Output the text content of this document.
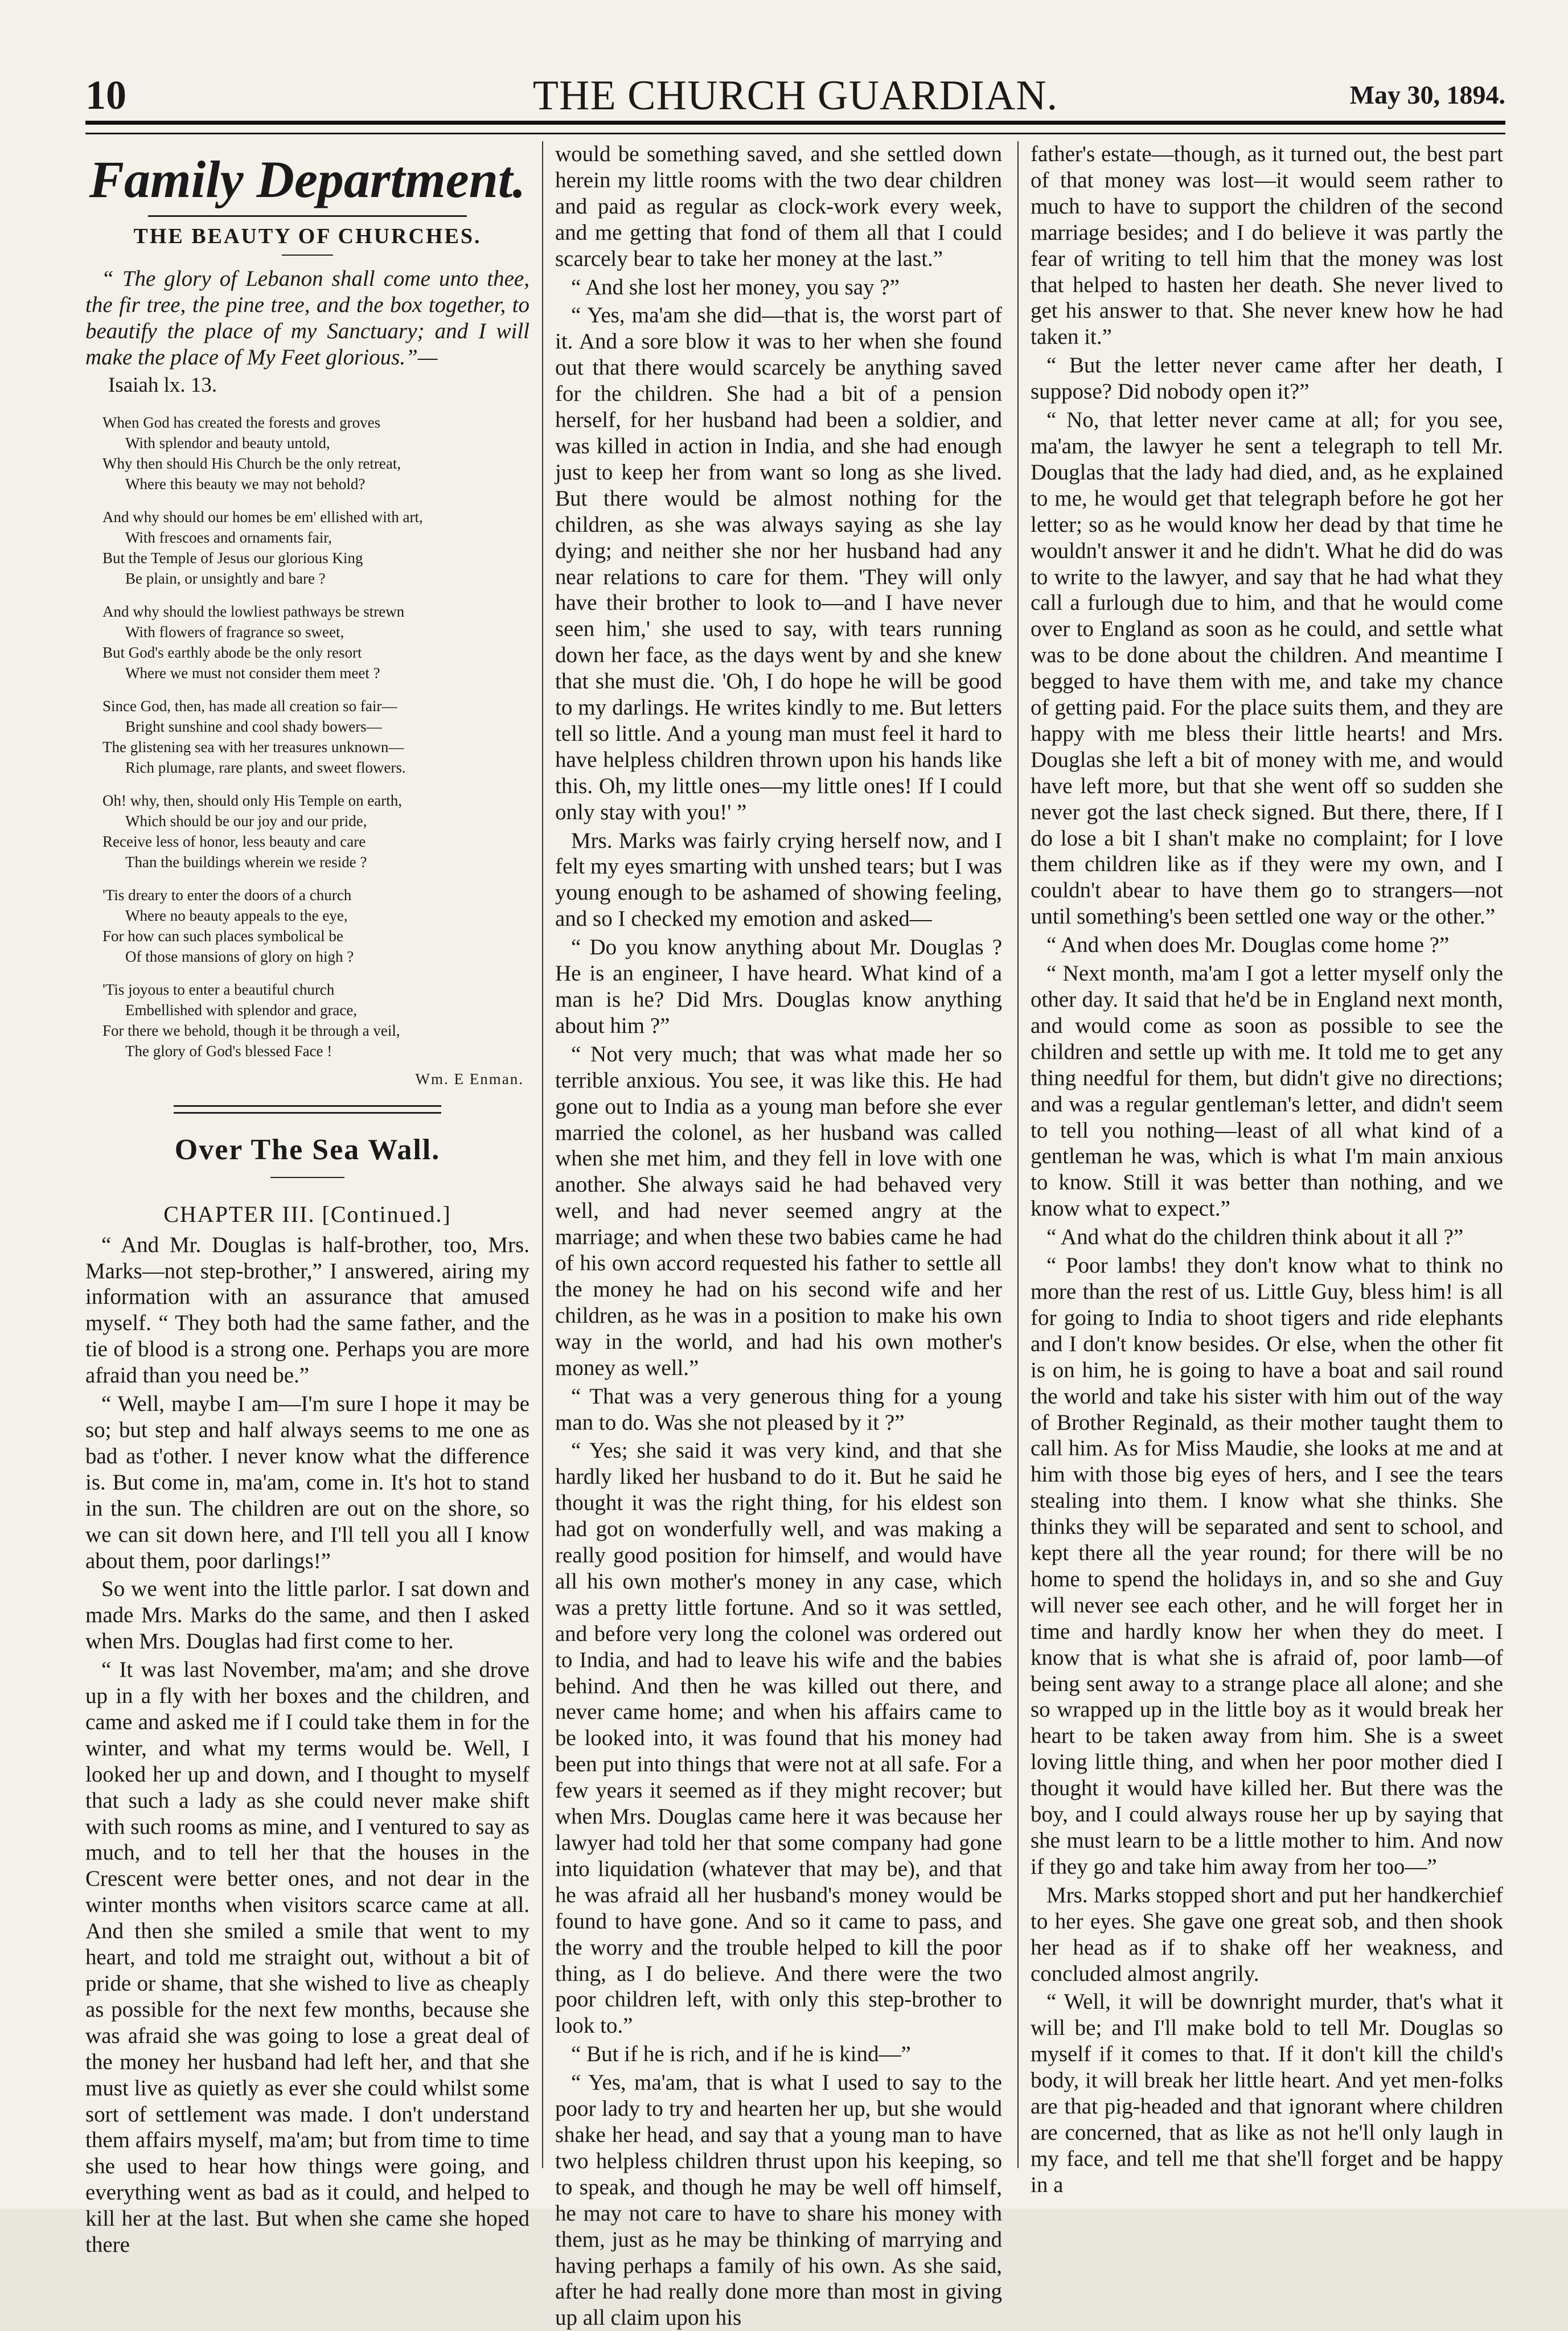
10	THE CHURCH GUARDIAN.	May 30, 1894.
Family Department.
THE BEAUTY OF CHURCHES.

“ The glory of Lebanon shall come unto thee, the fir tree, the pine tree, and the box together, to beautify the place of my Sanctuary; and I will make the place of My Feet glorious.”—

Isaiah lx. 13.
When God has created the forests and groves
With splendor and beauty untold,
Why then should His Church be the only retreat,
Where this beauty we may not behold?
And why should our homes be em' ellished with art,
With frescoes and ornaments fair,
But the Temple of Jesus our glorious King
Be plain, or unsightly and bare ?
And why should the lowliest pathways be strewn
With flowers of fragrance so sweet,
But God's earthly abode be the only resort
Where we must not consider them meet ?
Since God, then, has made all creation so fair—
Bright sunshine and cool shady bowers—
The glistening sea with her treasures unknown—
Rich plumage, rare plants, and sweet flowers.
Oh! why, then, should only His Temple on earth,
Which should be our joy and our pride,
Receive less of honor, less beauty and care
Than the buildings wherein we reside ?
'Tis dreary to enter the doors of a church
Where no beauty appeals to the eye,
For how can such places symbolical be
Of those mansions of glory on high ?
'Tis joyous to enter a beautiful church
Embellished with splendor and grace,
For there we behold, though it be through a veil,
The glory of God's blessed Face !
Wm. E Enman.
Over The Sea Wall.
CHAPTER III. [Continued.]

“ And Mr. Douglas is half-brother, too, Mrs. Marks—not step-brother,” I answered, airing my information with an assurance that amused myself. “ They both had the same father, and the tie of blood is a strong one. Perhaps you are more afraid than you need be.”

“ Well, maybe I am—I'm sure I hope it may be so; but step and half always seems to me one as bad as t'other. I never know what the difference is. But come in, ma'am, come in. It's hot to stand in the sun. The children are out on the shore, so we can sit down here, and I'll tell you all I know about them, poor darlings!”

So we went into the little parlor. I sat down and made Mrs. Marks do the same, and then I asked when Mrs. Douglas had first come to her.

“ It was last November, ma'am; and she drove up in a fly with her boxes and the children, and came and asked me if I could take them in for the winter, and what my terms would be. Well, I looked her up and down, and I thought to myself that such a lady as she could never make shift with such rooms as mine, and I ventured to say as much, and to tell her that the houses in the Crescent were better ones, and not dear in the winter months when visitors scarce came at all. And then she smiled a smile that went to my heart, and told me straight out, without a bit of pride or shame, that she wished to live as cheaply as possible for the next few months, because she was afraid she was going to lose a great deal of the money her husband had left her, and that she must live as quietly as ever she could whilst some sort of settlement was made. I don't understand them affairs myself, ma'am; but from time to time she used to hear how things were going, and everything went as bad as it could, and helped to kill her at the last. But when she came she hoped there

would be something saved, and she settled down herein my little rooms with the two dear children and paid as regular as clock-work every week, and me getting that fond of them all that I could scarcely bear to take her money at the last.”

“ And she lost her money, you say ?”

“ Yes, ma'am she did—that is, the worst part of it. And a sore blow it was to her when she found out that there would scarcely be anything saved for the children. She had a bit of a pension herself, for her husband had been a soldier, and was killed in action in India, and she had enough just to keep her from want so long as she lived. But there would be almost nothing for the children, as she was always saying as she lay dying; and neither she nor her husband had any near relations to care for them. 'They will only have their brother to look to—and I have never seen him,' she used to say, with tears running down her face, as the days went by and she knew that she must die. 'Oh, I do hope he will be good to my darlings. He writes kindly to me. But letters tell so little. And a young man must feel it hard to have helpless children thrown upon his hands like this. Oh, my little ones—my little ones! If I could only stay with you!' ”

Mrs. Marks was fairly crying herself now, and I felt my eyes smarting with unshed tears; but I was young enough to be ashamed of showing feeling, and so I checked my emotion and asked—

“ Do you know anything about Mr. Douglas ? He is an engineer, I have heard. What kind of a man is he? Did Mrs. Douglas know anything about him ?”

“ Not very much; that was what made her so terrible anxious. You see, it was like this. He had gone out to India as a young man before she ever married the colonel, as her husband was called when she met him, and they fell in love with one another. She always said he had behaved very well, and had never seemed angry at the marriage; and when these two babies came he had of his own accord requested his father to settle all the money he had on his second wife and her children, as he was in a position to make his own way in the world, and had his own mother's money as well.”

“ That was a very generous thing for a young man to do. Was she not pleased by it ?”

“ Yes; she said it was very kind, and that she hardly liked her husband to do it. But he said he thought it was the right thing, for his eldest son had got on wonderfully well, and was making a really good position for himself, and would have all his own mother's money in any case, which was a pretty little fortune. And so it was settled, and before very long the colonel was ordered out to India, and had to leave his wife and the babies behind. And then he was killed out there, and never came home; and when his affairs came to be looked into, it was found that his money had been put into things that were not at all safe. For a few years it seemed as if they might recover; but when Mrs. Douglas came here it was because her lawyer had told her that some company had gone into liquidation (whatever that may be), and that he was afraid all her husband's money would be found to have gone. And so it came to pass, and the worry and the trouble helped to kill the poor thing, as I do believe. And there were the two poor children left, with only this step-brother to look to.”

“ But if he is rich, and if he is kind—”

“ Yes, ma'am, that is what I used to say to the poor lady to try and hearten her up, but she would shake her head, and say that a young man to have two helpless children thrust upon his keeping, so to speak, and though he may be well off himself, he may not care to have to share his money with them, just as he may be thinking of marrying and having perhaps a family of his own. As she said, after he had really done more than most in giving up all claim upon his

father's estate—though, as it turned out, the best part of that money was lost—it would seem rather to much to have to support the children of the second marriage besides; and I do believe it was partly the fear of writing to tell him that the money was lost that helped to hasten her death. She never lived to get his answer to that. She never knew how he had taken it.”

“ But the letter never came after her death, I suppose? Did nobody open it?”

“ No, that letter never came at all; for you see, ma'am, the lawyer he sent a telegraph to tell Mr. Douglas that the lady had died, and, as he explained to me, he would get that telegraph before he got her letter; so as he would know her dead by that time he wouldn't answer it and he didn't. What he did do was to write to the lawyer, and say that he had what they call a furlough due to him, and that he would come over to England as soon as he could, and settle what was to be done about the children. And meantime I begged to have them with me, and take my chance of getting paid. For the place suits them, and they are happy with me bless their little hearts! and Mrs. Douglas she left a bit of money with me, and would have left more, but that she went off so sudden she never got the last check signed. But there, there, If I do lose a bit I shan't make no complaint; for I love them children like as if they were my own, and I couldn't abear to have them go to strangers—not until something's been settled one way or the other.”

“ And when does Mr. Douglas come home ?”

“ Next month, ma'am I got a letter myself only the other day. It said that he'd be in England next month, and would come as soon as possible to see the children and settle up with me. It told me to get any thing needful for them, but didn't give no directions; and was a regular gentleman's letter, and didn't seem to tell you nothing—least of all what kind of a gentleman he was, which is what I'm main anxious to know. Still it was better than nothing, and we know what to expect.”

“ And what do the children think about it all ?”

“ Poor lambs! they don't know what to think no more than the rest of us. Little Guy, bless him! is all for going to India to shoot tigers and ride elephants and I don't know besides. Or else, when the other fit is on him, he is going to have a boat and sail round the world and take his sister with him out of the way of Brother Reginald, as their mother taught them to call him. As for Miss Maudie, she looks at me and at him with those big eyes of hers, and I see the tears stealing into them. I know what she thinks. She thinks they will be separated and sent to school, and kept there all the year round; for there will be no home to spend the holidays in, and so she and Guy will never see each other, and he will forget her in time and hardly know her when they do meet. I know that is what she is afraid of, poor lamb—of being sent away to a strange place all alone; and she so wrapped up in the little boy as it would break her heart to be taken away from him. She is a sweet loving little thing, and when her poor mother died I thought it would have killed her. But there was the boy, and I could always rouse her up by saying that she must learn to be a little mother to him. And now if they go and take him away from her too—”

Mrs. Marks stopped short and put her handkerchief to her eyes. She gave one great sob, and then shook her head as if to shake off her weakness, and concluded almost angrily.

“ Well, it will be downright murder, that's what it will be; and I'll make bold to tell Mr. Douglas so myself if it comes to that. If it don't kill the child's body, it will break her little heart. And yet men-folks are that pig-headed and that ignorant where children are concerned, that as like as not he'll only laugh in my face, and tell me that she'll forget and be happy in a
